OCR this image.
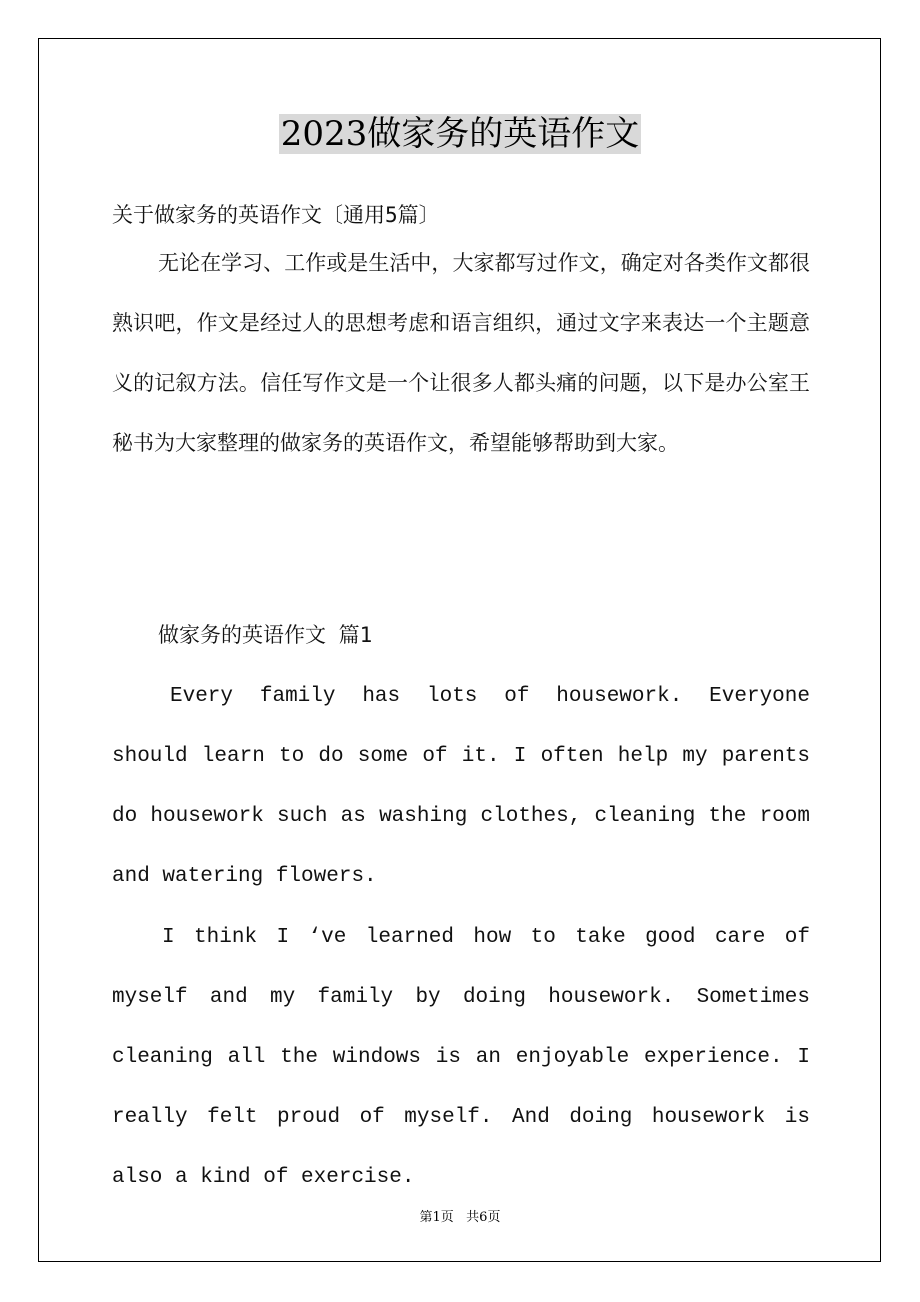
2023做家务的英语作文
关于做家务的英语作文〔通用5篇〕

无论在学习、工作或是生活中，大家都写过作文，确定对各类作文都很熟识吧，作文是经过人的思想考虑和语言组织，通过文字来表达一个主题意义的记叙方法。信任写作文是一个让很多人都头痛的问题，以下是办公室王秘书为大家整理的做家务的英语作文，希望能够帮助到大家。

做家务的英语作文 篇1

Every family has lots of housework. Everyone should learn to do some of it. I often help my parents do housework such as washing clothes, cleaning the room and watering flowers.

I think I ‘ve learned how to take good care of myself and my family by doing housework. Sometimes cleaning all the windows is an enjoyable experience. I really felt proud of myself. And doing housework is also a kind of exercise.

第1页   共6页
